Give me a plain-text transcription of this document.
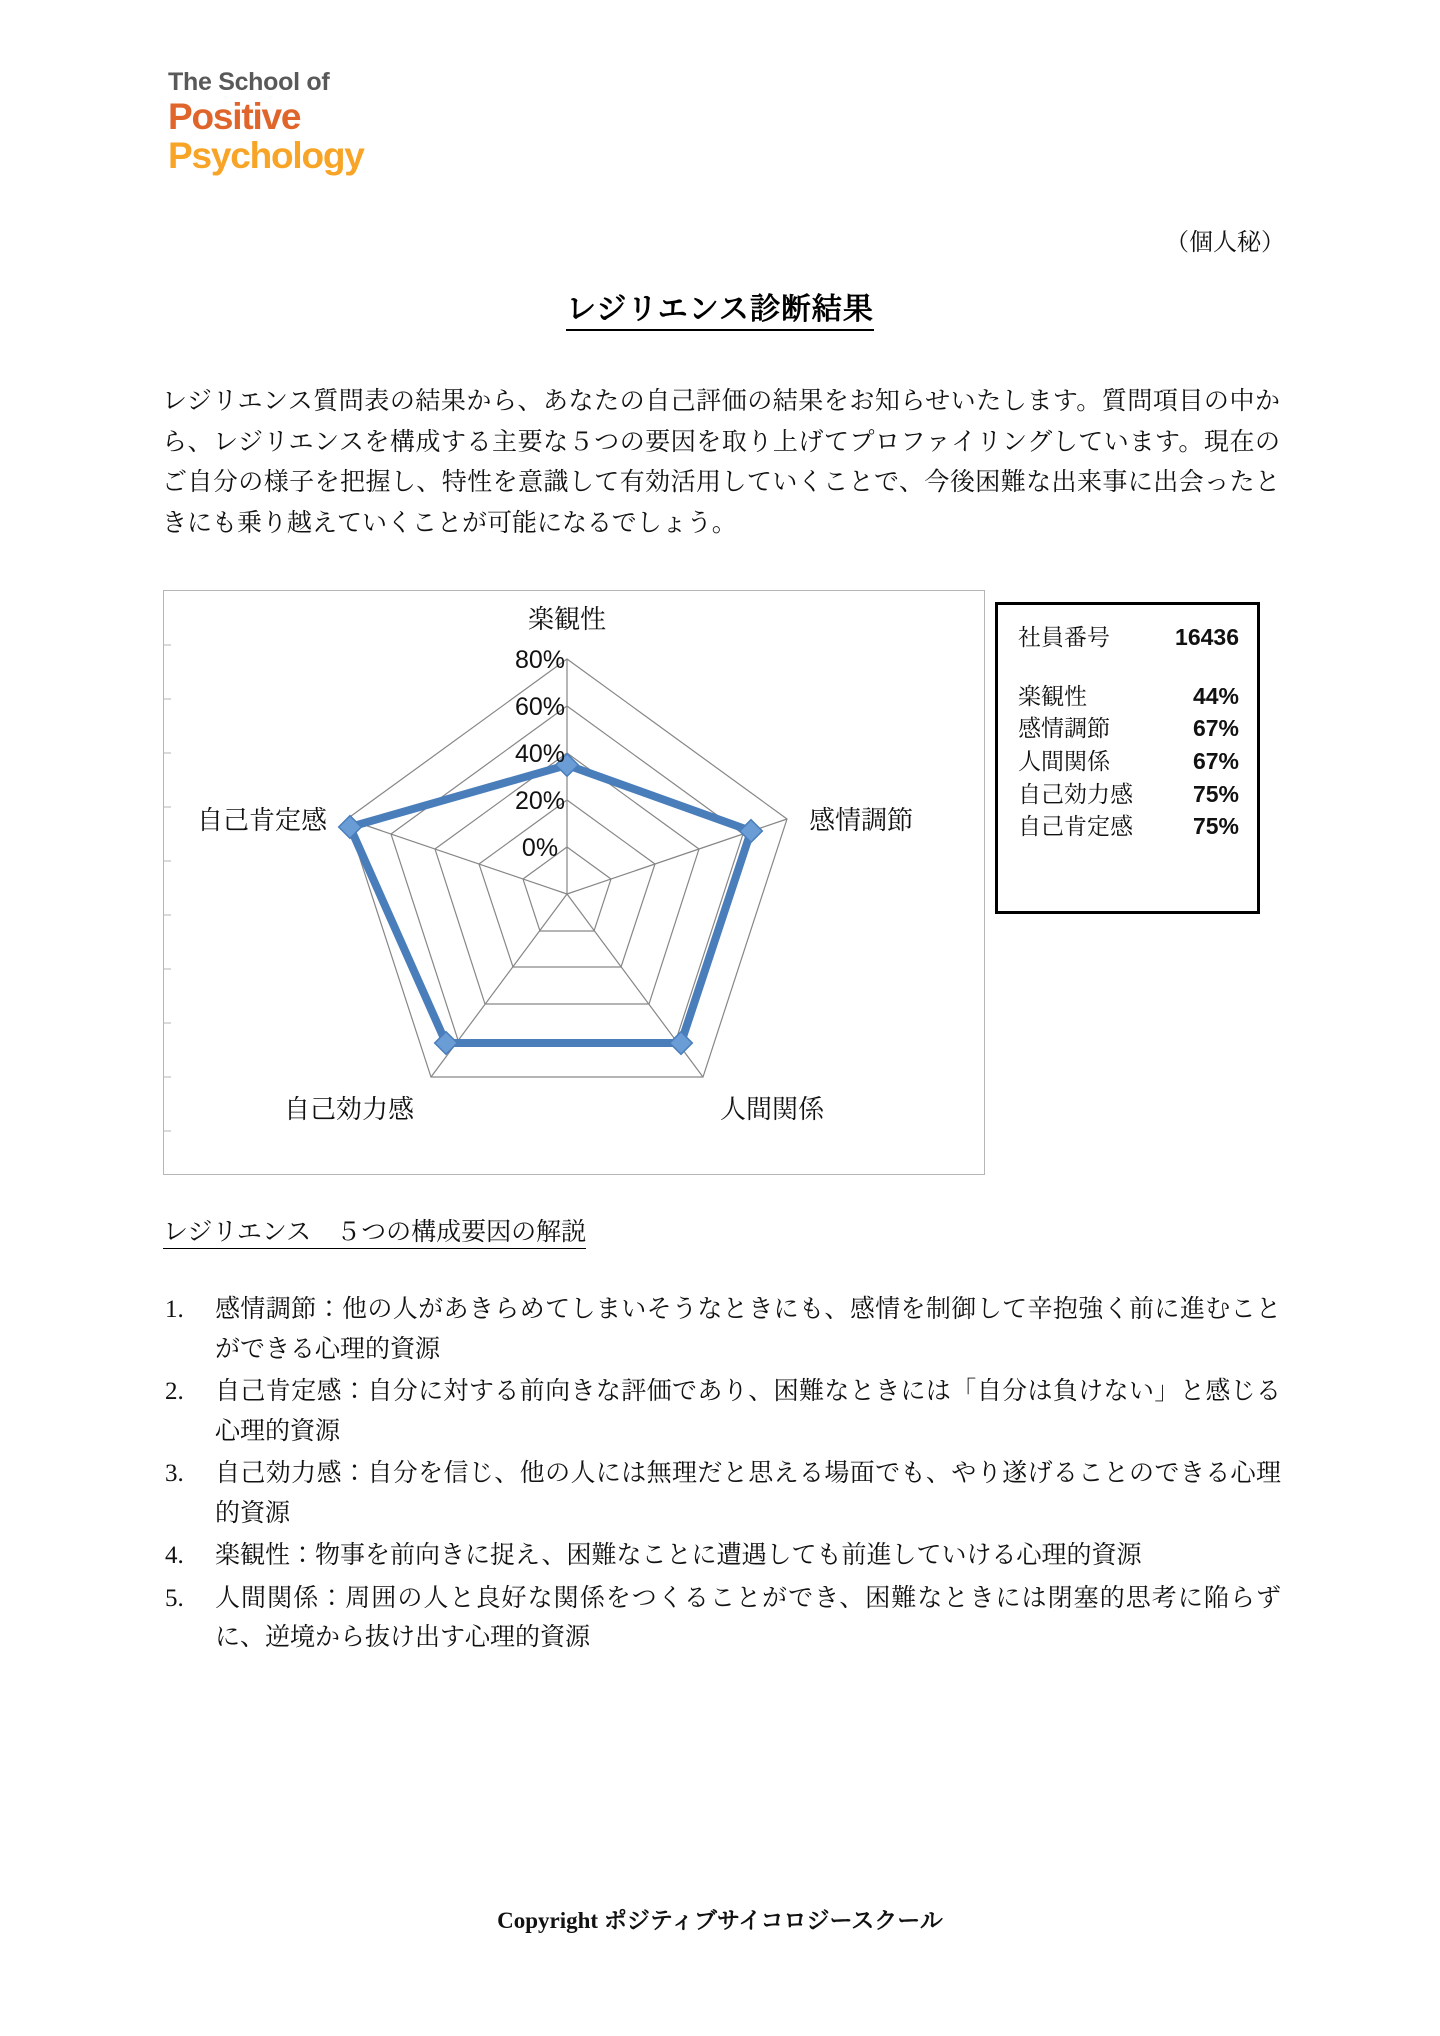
The School of
Positive
Psychology
（個人秘）
レジリエンス診断結果
レジリエンス質問表の結果から、あなたの自己評価の結果をお知らせいたします。質問項目の中から、レジリエンスを構成する主要な５つの要因を取り上げてプロファイリングしています。現在のご自分の様子を把握し、特性を意識して有効活用していくことで、今後困難な出来事に出会ったときにも乗り越えていくことが可能になるでしょう。
80%
60%
40%
20%
0%
楽観性
感情調節
人間関係
自己効力感
自己肯定感
社員番号	16436
楽観性	44%
感情調節	67%
人間関係	67%
自己効力感	75%
自己肯定感	75%
レジリエンス　５つの構成要因の解説
1.	感情調節：他の人があきらめてしまいそうなときにも、感情を制御して辛抱強く前に進むことができる心理的資源
2.	自己肯定感：自分に対する前向きな評価であり、困難なときには「自分は負けない」と感じる心理的資源
3.	自己効力感：自分を信じ、他の人には無理だと思える場面でも、やり遂げることのできる心理的資源
4.	楽観性：物事を前向きに捉え、困難なことに遭遇しても前進していける心理的資源
5.	人間関係：周囲の人と良好な関係をつくることができ、困難なときには閉塞的思考に陥らずに、逆境から抜け出す心理的資源
Copyright ポジティブサイコロジースクール
